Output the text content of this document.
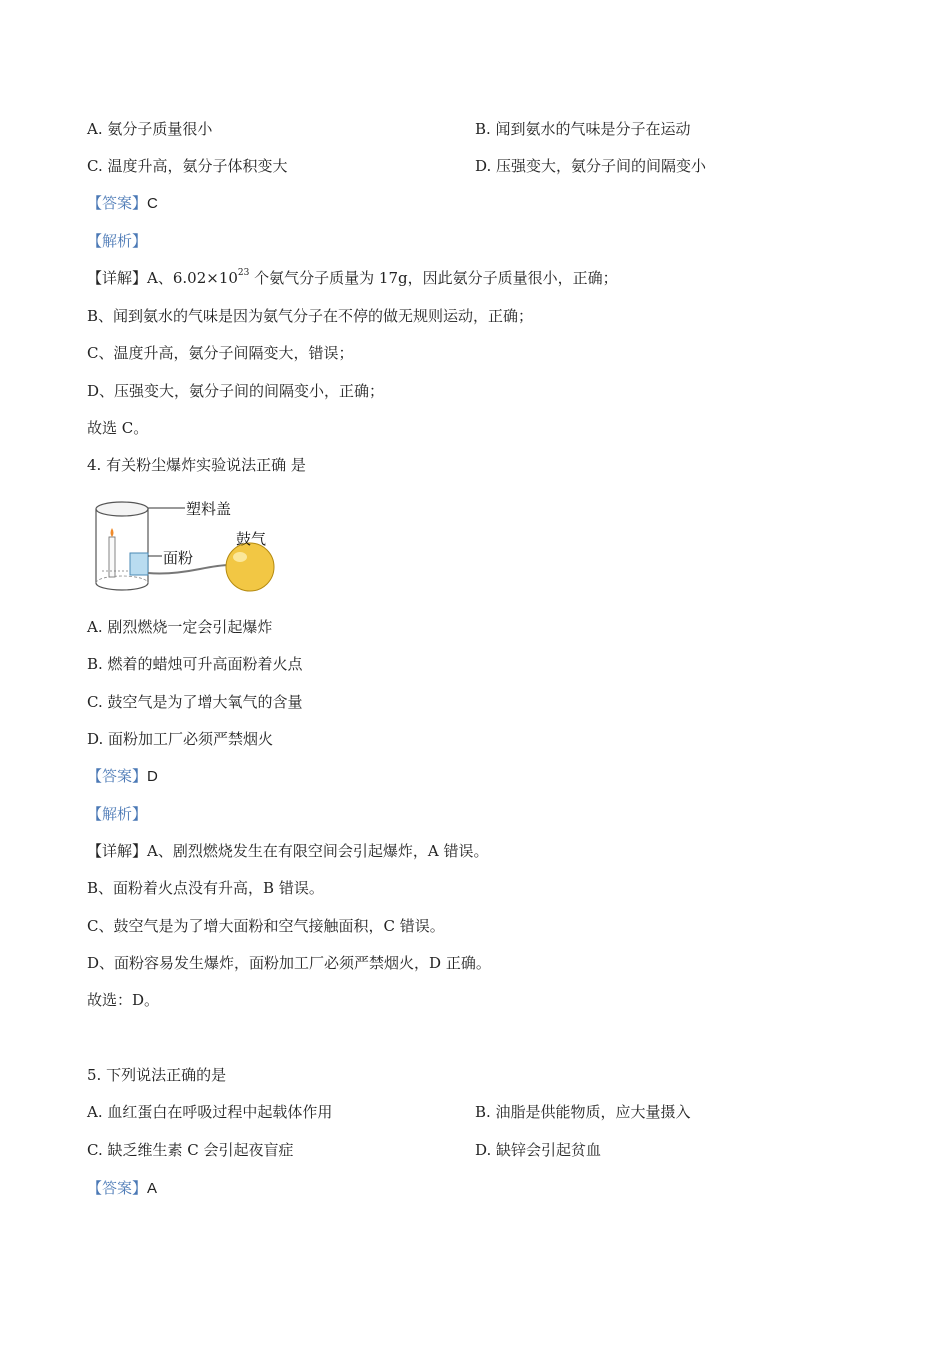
A. 氨分子质量很小	B. 闻到氨水的气味是分子在运动
C. 温度升高，氨分子体积变大	D. 压强变大，氨分子间的间隔变小
【答案】C
【解析】
【详解】A、$6.02\times 10^{23}$ 个氨气分子质量为 17g，因此氨分子质量很小，正确；
B、闻到氨水的气味是因为氨气分子在不停的做无规则运动，正确；
C、温度升高，氨分子间隔变大，错误；
D、压强变大，氨分子间的间隔变小，正确；
故选 C。
4. 有关粉尘爆炸实验说法正确 是
塑料盖
面粉
鼓气
A. 剧烈燃烧一定会引起爆炸
B. 燃着的蜡烛可升高面粉着火点
C. 鼓空气是为了增大氧气的含量
D. 面粉加工厂必须严禁烟火
【答案】D
【解析】
【详解】A、剧烈燃烧发生在有限空间会引起爆炸，A 错误。
B、面粉着火点没有升高，B 错误。
C、鼓空气是为了增大面粉和空气接触面积，C 错误。
D、面粉容易发生爆炸，面粉加工厂必须严禁烟火，D 正确。
故选：D。
5. 下列说法正确的是
A. 血红蛋白在呼吸过程中起载体作用	B. 油脂是供能物质，应大量摄入
C. 缺乏维生素 C 会引起夜盲症	D. 缺锌会引起贫血
【答案】A
